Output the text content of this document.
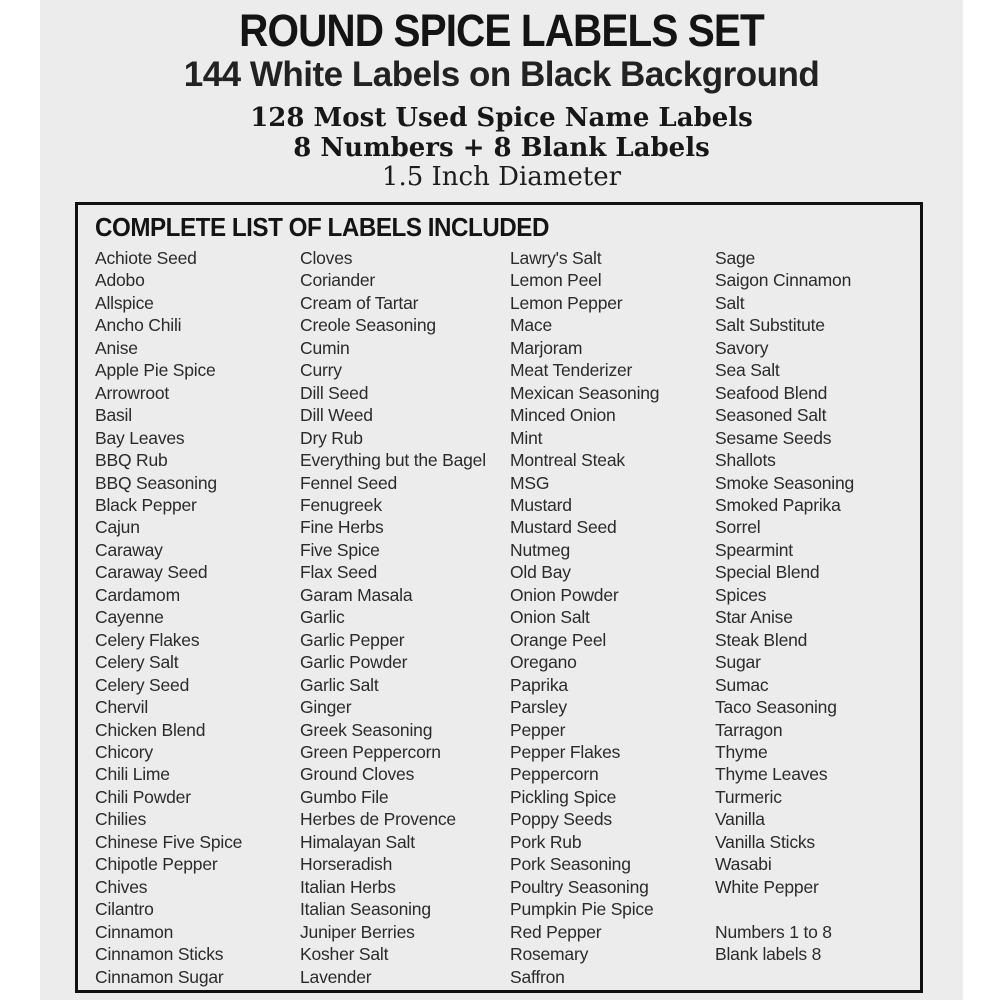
ROUND SPICE LABELS SET
144 White Labels on Black Background
128 Most Used Spice Name Labels
8 Numbers + 8 Blank Labels
1.5 Inch Diameter
COMPLETE LIST OF LABELS INCLUDED
Achiote Seed
Adobo
Allspice
Ancho Chili
Anise
Apple Pie Spice
Arrowroot
Basil
Bay Leaves
BBQ Rub
BBQ Seasoning
Black Pepper
Cajun
Caraway
Caraway Seed
Cardamom
Cayenne
Celery Flakes
Celery Salt
Celery Seed
Chervil
Chicken Blend
Chicory
Chili Lime
Chili Powder
Chilies
Chinese Five Spice
Chipotle Pepper
Chives
Cilantro
Cinnamon
Cinnamon Sticks
Cinnamon Sugar
Cloves
Coriander
Cream of Tartar
Creole Seasoning
Cumin
Curry
Dill Seed
Dill Weed
Dry Rub
Everything but the Bagel
Fennel Seed
Fenugreek
Fine Herbs
Five Spice
Flax Seed
Garam Masala
Garlic
Garlic Pepper
Garlic Powder
Garlic Salt
Ginger
Greek Seasoning
Green Peppercorn
Ground Cloves
Gumbo File
Herbes de Provence
Himalayan Salt
Horseradish
Italian Herbs
Italian Seasoning
Juniper Berries
Kosher Salt
Lavender
Lawry's Salt
Lemon Peel
Lemon Pepper
Mace
Marjoram
Meat Tenderizer
Mexican Seasoning
Minced Onion
Mint
Montreal Steak
MSG
Mustard
Mustard Seed
Nutmeg
Old Bay
Onion Powder
Onion Salt
Orange Peel
Oregano
Paprika
Parsley
Pepper
Pepper Flakes
Peppercorn
Pickling Spice
Poppy Seeds
Pork Rub
Pork Seasoning
Poultry Seasoning
Pumpkin Pie Spice
Red Pepper
Rosemary
Saffron
Sage
Saigon Cinnamon
Salt
Salt Substitute
Savory
Sea Salt
Seafood Blend
Seasoned Salt
Sesame Seeds
Shallots
Smoke Seasoning
Smoked Paprika
Sorrel
Spearmint
Special Blend
Spices
Star Anise
Steak Blend
Sugar
Sumac
Taco Seasoning
Tarragon
Thyme
Thyme Leaves
Turmeric
Vanilla
Vanilla Sticks
Wasabi
White Pepper

Numbers 1 to 8
Blank labels 8
